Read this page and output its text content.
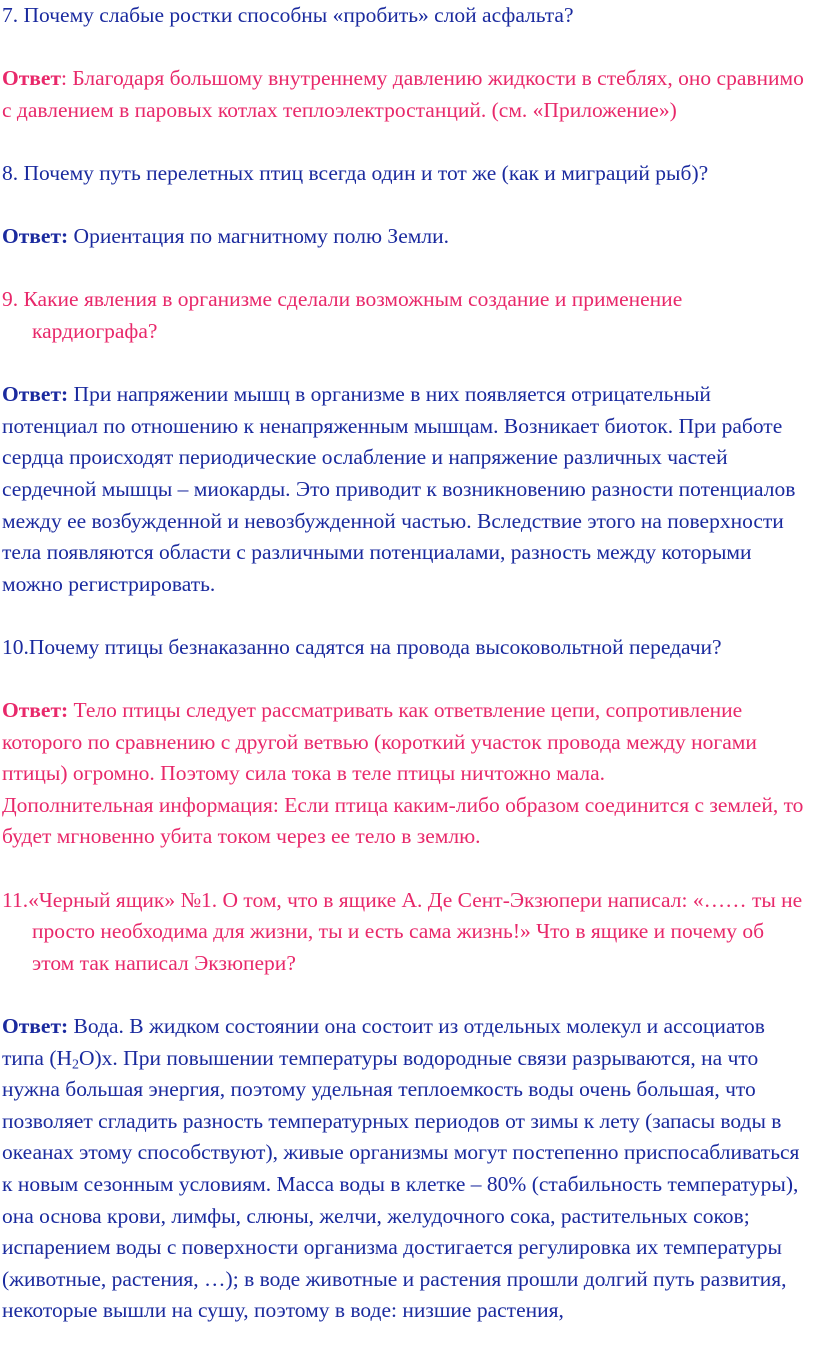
7. Почему слабые ростки способны «пробить» слой асфальта?

Ответ: Благодаря большому внутреннему давлению жидкости в стеблях, оно сравнимо с давлением в паровых котлах теплоэлектростанций. (см. «Приложение»)

8. Почему путь перелетных птиц всегда один и тот же (как и миграций рыб)?

Ответ: Ориентация по магнитному полю Земли.

9. Какие явления в организме сделали возможным создание и применение кардиографа?

Ответ: При напряжении мышц в организме в них появляется отрицательный потенциал по отношению к ненапряженным мышцам. Возникает биоток. При работе сердца происходят периодические ослабление и напряжение различных частей сердечной мышцы – миокарды. Это приводит к возникновению разности потенциалов между ее возбужденной и невозбужденной частью. Вследствие этого на поверхности тела появляются области с различными потенциалами, разность между которыми можно регистрировать.

10.Почему птицы безнаказанно садятся на провода высоковольтной передачи?

Ответ: Тело птицы следует рассматривать как ответвление цепи, сопротивление которого по сравнению с другой ветвью (короткий участок провода между ногами птицы) огромно. Поэтому сила тока в теле птицы ничтожно мала.

Дополнительная информация: Если птица каким-либо образом соединится с землей, то будет мгновенно убита током через ее тело в землю.

11.«Черный ящик» №1. О том, что в ящике А. Де Сент-Экзюпери написал: «…… ты не просто необходима для жизни, ты и есть сама жизнь!» Что в ящике и почему об этом так написал Экзюпери?

Ответ: Вода. В жидком состоянии она состоит из отдельных молекул и ассоциатов типа $(H_2O)x$. При повышении температуры водородные связи разрываются, на что нужна большая энергия, поэтому удельная теплоемкость воды очень большая, что позволяет сгладить разность температурных периодов от зимы к лету (запасы воды в океанах этому способствуют), живые организмы могут постепенно приспосабливаться к новым сезонным условиям. Масса воды в клетке – 80% (стабильность температуры), она основа крови, лимфы, слюны, желчи, желудочного сока, растительных соков; испарением воды с поверхности организма достигается регулировка их температуры (животные, растения, …); в воде животные и растения прошли долгий путь развития, некоторые вышли на сушу, поэтому в воде: низшие растения,
